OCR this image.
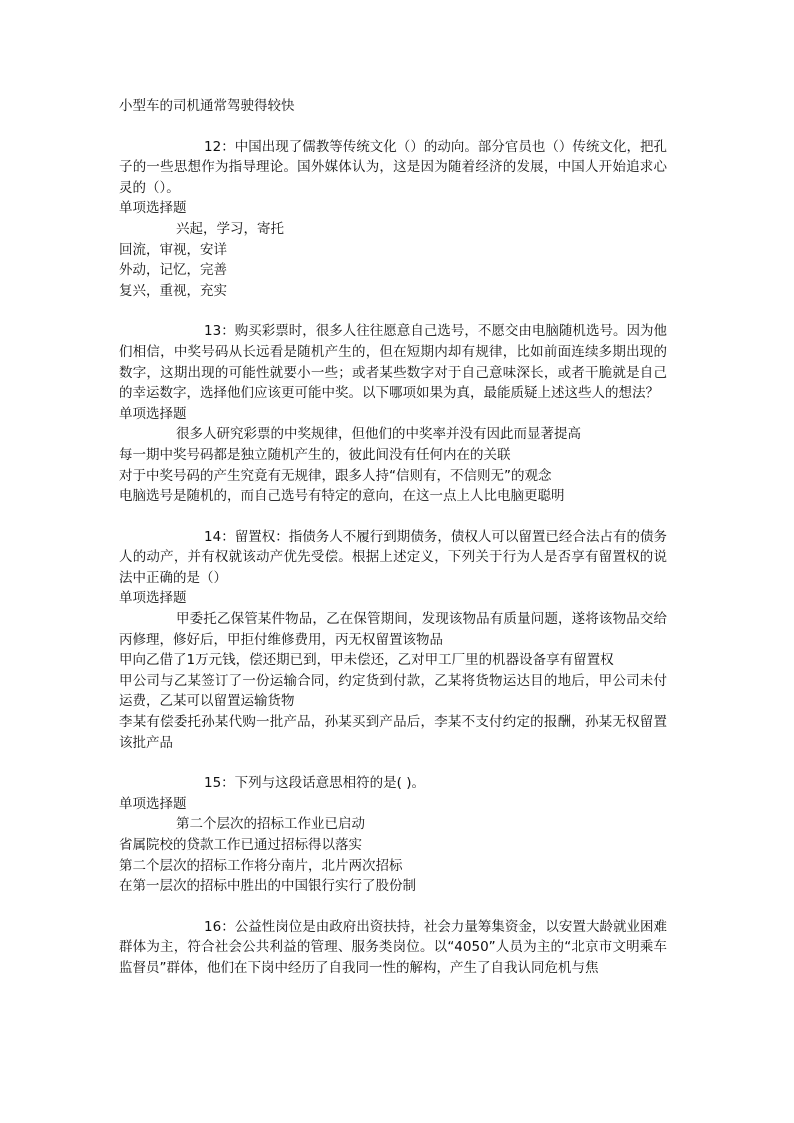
小型车的司机通常驾驶得较快

12：中国出现了儒教等传统文化（）的动向。部分官员也（）传统文化，把孔子的一些思想作为指导理论。国外媒体认为，这是因为随着经济的发展，中国人开始追求心灵的（）。

单项选择题

兴起，学习，寄托

回流，审视，安详

外动，记忆，完善

复兴，重视，充实

13：购买彩票时，很多人往往愿意自己选号，不愿交由电脑随机选号。因为他们相信，中奖号码从长远看是随机产生的，但在短期内却有规律，比如前面连续多期出现的数字，这期出现的可能性就要小一些；或者某些数字对于自己意味深长，或者干脆就是自己的幸运数字，选择他们应该更可能中奖。以下哪项如果为真，最能质疑上述这些人的想法？

单项选择题

很多人研究彩票的中奖规律，但他们的中奖率并没有因此而显著提高

每一期中奖号码都是独立随机产生的，彼此间没有任何内在的关联

对于中奖号码的产生究竟有无规律，跟多人持“信则有，不信则无”的观念

电脑选号是随机的，而自己选号有特定的意向，在这一点上人比电脑更聪明

14：留置权：指债务人不履行到期债务，债权人可以留置已经合法占有的债务人的动产，并有权就该动产优先受偿。根据上述定义，下列关于行为人是否享有留置权的说法中正确的是（）

单项选择题

甲委托乙保管某件物品，乙在保管期间，发现该物品有质量问题，遂将该物品交给丙修理，修好后，甲拒付维修费用，丙无权留置该物品

甲向乙借了1万元钱，偿还期已到，甲未偿还，乙对甲工厂里的机器设备享有留置权

甲公司与乙某签订了一份运输合同，约定货到付款，乙某将货物运达目的地后，甲公司未付运费，乙某可以留置运输货物

李某有偿委托孙某代购一批产品，孙某买到产品后，李某不支付约定的报酬，孙某无权留置该批产品

15：下列与这段话意思相符的是( )。

单项选择题

第二个层次的招标工作业已启动

省属院校的贷款工作已通过招标得以落实

第二个层次的招标工作将分南片，北片两次招标

在第一层次的招标中胜出的中国银行实行了股份制

16：公益性岗位是由政府出资扶持，社会力量筹集资金，以安置大龄就业困难群体为主，符合社会公共利益的管理、服务类岗位。以“4050”人员为主的“北京市文明乘车监督员”群体，他们在下岗中经历了自我同一性的解构，产生了自我认同危机与焦
